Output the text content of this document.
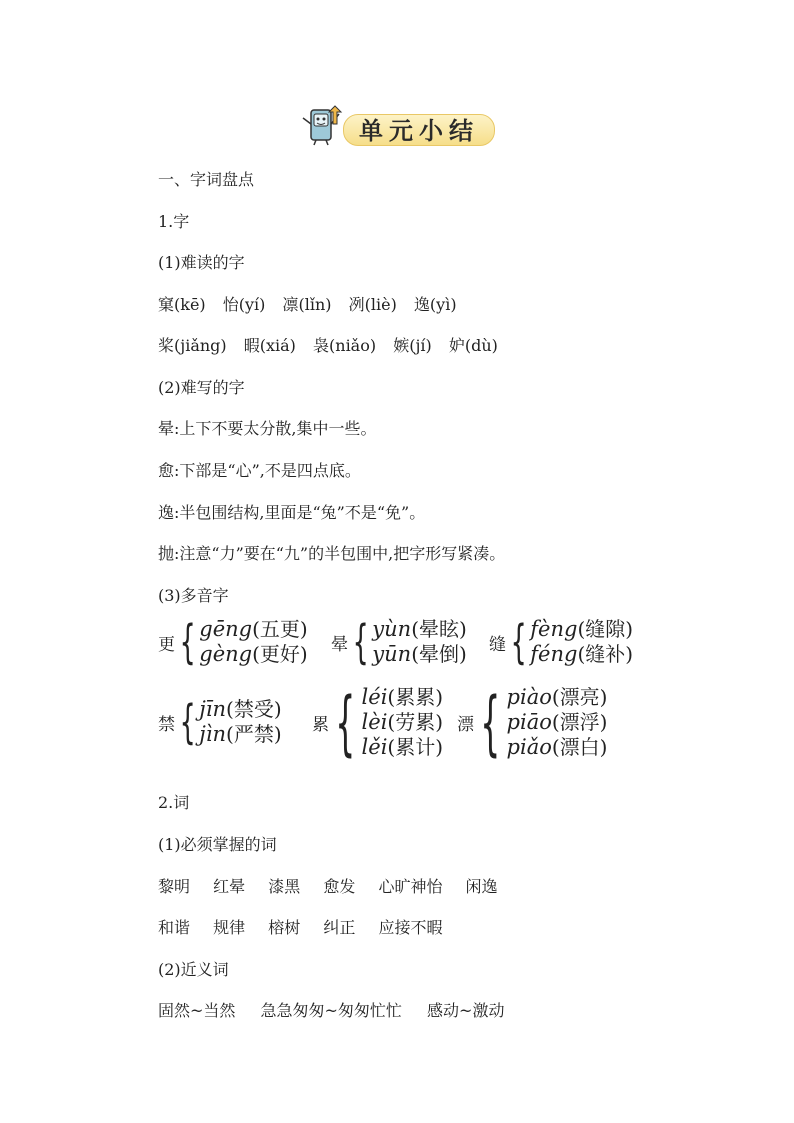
单元小结
一、字词盘点
1.字
(1)难读的字
窠(kē) 怡(yí) 凛(lǐn) 冽(liè) 逸(yì)
桨(jiǎng) 暇(xiá) 袅(niǎo) 嫉(jí) 妒(dù)
(2)难写的字
晕:上下不要太分散,集中一些。
愈:下部是“心”,不是四点底。
逸:半包围结构,里面是“兔”不是“免”。
抛:注意“力”要在“九”的半包围中,把字形写紧凑。
(3)多音字
更 { gēng(五更)
gèng(更好) 晕 { yùn(晕眩)
yūn(晕倒) 缝 { fèng(缝隙)
féng(缝补)
禁 { jīn(禁受)
jìn(严禁) 累 { léi(累累)
lèi(劳累)
lěi(累计)
漂 { piào(漂亮)
piāo(漂浮)
piǎo(漂白)
2.词
(1)必须掌握的词
黎明 红晕 漆黑 愈发 心旷神怡 闲逸
和谐 规律 榕树 纠正 应接不暇
(2)近义词
固然~当然 急急匆匆~匆匆忙忙 感动~激动
